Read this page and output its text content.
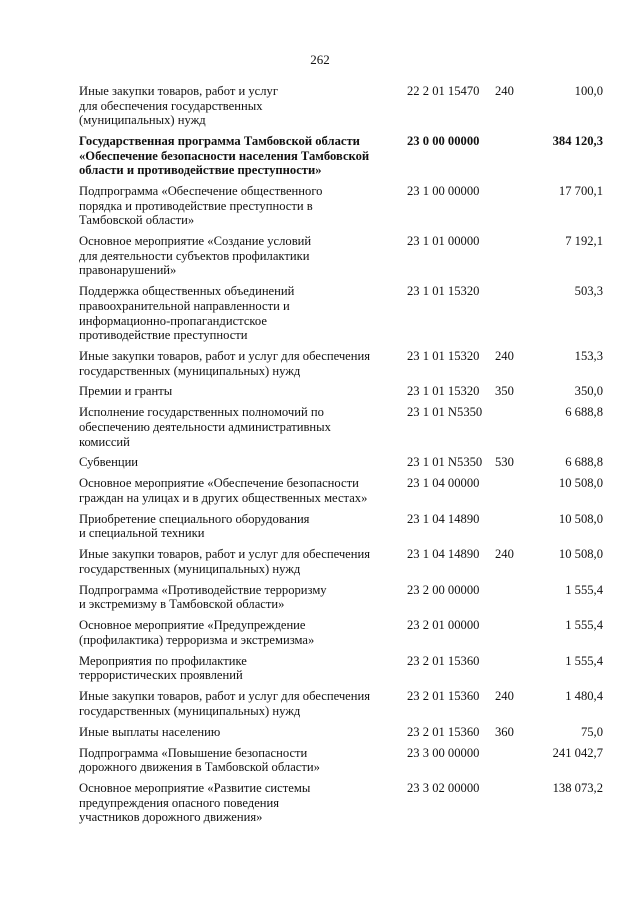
262
Иные закупки товаров, работ и услуг
для обеспечения государственных
(муниципальных) нужд
22 2 01 15470	240	100,0
Государственная программа Тамбовской области
«Обеспечение безопасности населения Тамбовской
области и противодействие преступности»
23 0 00 00000	384 120,3
Подпрограмма «Обеспечение общественного
порядка и противодействие преступности в
Тамбовской области»
23 1 00 00000	17 700,1
Основное мероприятие «Создание условий
для деятельности субъектов профилактики
правонарушений»
23 1 01 00000	7 192,1
Поддержка общественных объединений
правоохранительной направленности и
информационно-пропагандистское
противодействие преступности
23 1 01 15320	503,3
Иные закупки товаров, работ и услуг для обеспечения
государственных (муниципальных) нужд
23 1 01 15320	240	153,3
Премии и гранты	23 1 01 15320	350	350,0
Исполнение государственных полномочий по
обеспечению деятельности административных
комиссий
23 1 01 N5350	6 688,8
Субвенции	23 1 01 N5350	530	6 688,8
Основное мероприятие «Обеспечение безопасности
граждан на улицах и в других общественных местах»
23 1 04 00000	10 508,0
Приобретение специального оборудования
и специальной техники
23 1 04 14890	10 508,0
Иные закупки товаров, работ и услуг для обеспечения
государственных (муниципальных) нужд
23 1 04 14890	240	10 508,0
Подпрограмма «Противодействие терроризму
и экстремизму в Тамбовской области»
23 2 00 00000	1 555,4
Основное мероприятие «Предупреждение
(профилактика) терроризма и экстремизма»
23 2 01 00000	1 555,4
Мероприятия по профилактике
террористических проявлений
23 2 01 15360	1 555,4
Иные закупки товаров, работ и услуг для обеспечения
государственных (муниципальных) нужд
23 2 01 15360	240	1 480,4
Иные выплаты населению	23 2 01 15360	360	75,0
Подпрограмма «Повышение безопасности
дорожного движения в Тамбовской области»
23 3 00 00000	241 042,7
Основное мероприятие «Развитие системы
предупреждения опасного поведения
участников дорожного движения»
23 3 02 00000	138 073,2
